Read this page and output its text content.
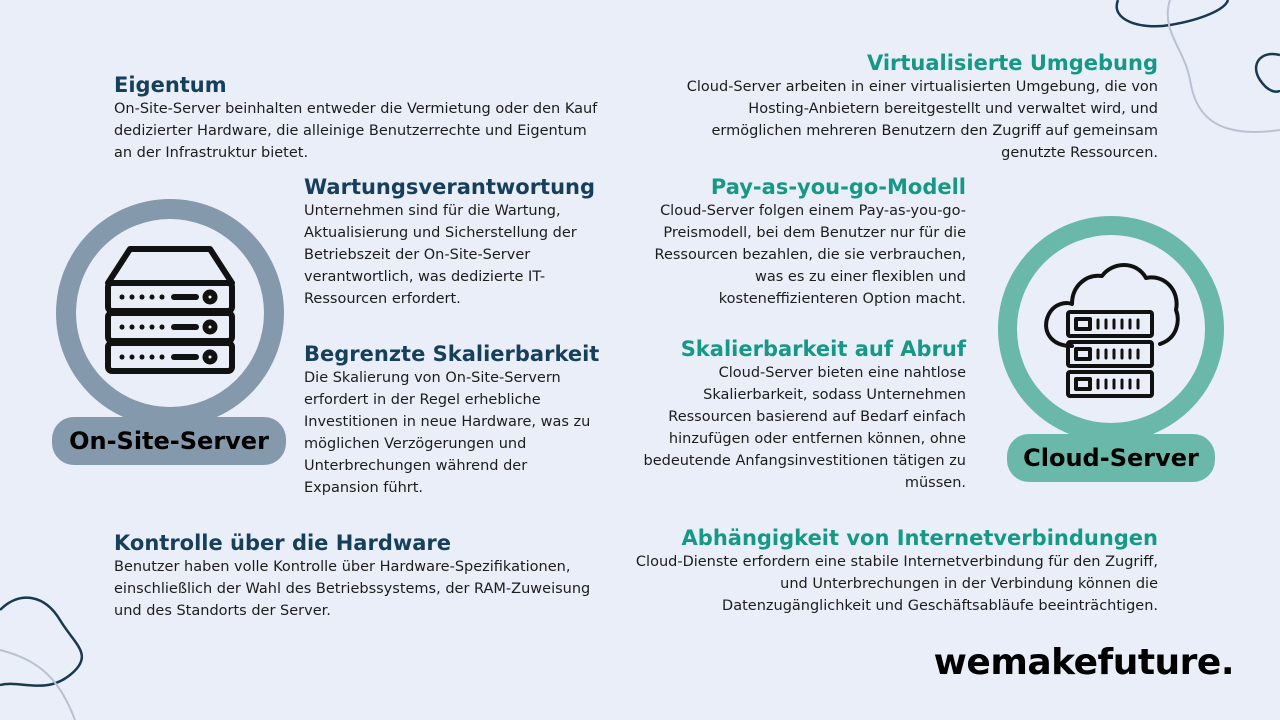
On-Site-Server
Cloud-Server
Eigentum

On-Site-Server beinhalten entweder die Vermietung oder den Kauf dedizierter Hardware, die alleinige Benutzerrechte und Eigentum an der Infrastruktur bietet.

Wartungsverantwortung

Unternehmen sind für die Wartung, Aktualisierung und Sicherstellung der Betriebszeit der On-Site-Server verantwortlich, was dedizierte IT-Ressourcen erfordert.

Begrenzte Skalierbarkeit

Die Skalierung von On-Site-Servern erfordert in der Regel erhebliche Investitionen in neue Hardware, was zu möglichen Verzögerungen und Unterbrechungen während der Expansion führt.

Kontrolle über die Hardware

Benutzer haben volle Kontrolle über Hardware-Spezifikationen, einschließlich der Wahl des Betriebssystems, der RAM-Zuweisung und des Standorts der Server.

Virtualisierte Umgebung

Cloud-Server arbeiten in einer virtualisierten Umgebung, die von Hosting-Anbietern bereitgestellt und verwaltet wird, und ermöglichen mehreren Benutzern den Zugriff auf gemeinsam genutzte Ressourcen.

Pay-as-you-go-Modell

Cloud-Server folgen einem Pay-as-you-go-Preismodell, bei dem Benutzer nur für die Ressourcen bezahlen, die sie verbrauchen, was es zu einer flexiblen und kosteneffizienteren Option macht.

Skalierbarkeit auf Abruf

Cloud-Server bieten eine nahtlose Skalierbarkeit, sodass Unternehmen Ressourcen basierend auf Bedarf einfach hinzufügen oder entfernen können, ohne bedeutende Anfangsinvestitionen tätigen zu müssen.

Abhängigkeit von Internetverbindungen

Cloud-Dienste erfordern eine stabile Internetverbindung für den Zugriff, und Unterbrechungen in der Verbindung können die Datenzugänglichkeit und Geschäftsabläufe beeinträchtigen.

wemakefuture.
